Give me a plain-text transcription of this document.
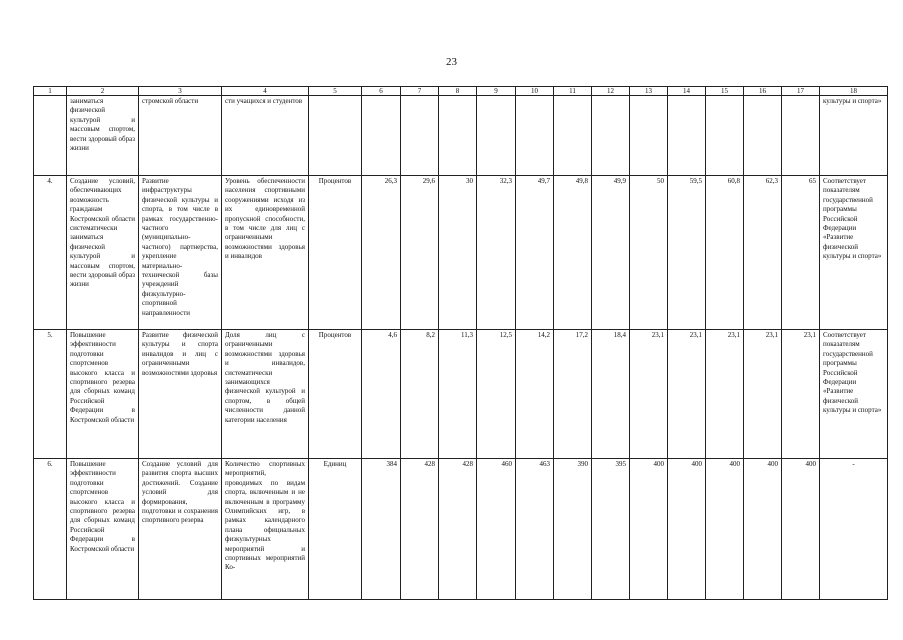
23
1	2	3	4	5	6	7	8	9	10	11	12	13	14	15	16	17	18
	заниматься физической культурой и массовым спортом, вести здоровый образ жизни	стромской области	сти учащихся и студентов														культуры и спорта»
4.	Создание условий, обеспечивающих возможность гражданам Костромской области систематически заниматься физической культурой и массовым спортом, вести здоровый образ жизни	Развитие инфраструктуры физической культуры и спорта, в том числе в рамках государственно-частного (муниципально-частного) партнерства, укрепление материально-технической базы учреждений физкультурно-спортивной направленности	Уровень обеспеченности населения спортивными сооружениями исходя из их единовременной пропускной способности, в том числе для лиц с ограниченными возможностями здоровья и инвалидов	Процентов	26,3	29,6	30	32,3	49,7	49,8	49,9	50	59,5	60,8	62,3	65	Соответствует показателям государственной программы Российской Федерации «Развитие физической культуры и спорта»
5.	Повышение эффективности подготовки спортсменов высокого класса и спортивного резерва для сборных команд Российской Федерации в Костромской области	Развитие физической культуры и спорта инвалидов и лиц с ограниченными возможностями здоровья	Доля лиц с ограниченными возможностями здоровья и инвалидов, систематически занимающихся физической культурой и спортом, в общей численности данной категории населения	Процентов	4,6	8,2	11,3	12,5	14,2	17,2	18,4	23,1	23,1	23,1	23,1	23,1	Соответствует показателям государственной программы Российской Федерации «Развитие физической культуры и спорта»
6.	Повышение эффективности подготовки спортсменов высокого класса и спортивного резерва для сборных команд Российской Федерации в Костромской области	Создание условий для развития спорта высших достижений. Создание условий для формирования, подготовки и сохранения спортивного резерва	Количество спортивных мероприятий, проводимых по видам спорта, включенным и не включенным в программу Олимпийских игр, в рамках календарного плана официальных физкультурных мероприятий и спортивных мероприятий Ко-	Единиц	384	428	428	460	463	390	395	400	400	400	400	400	-
